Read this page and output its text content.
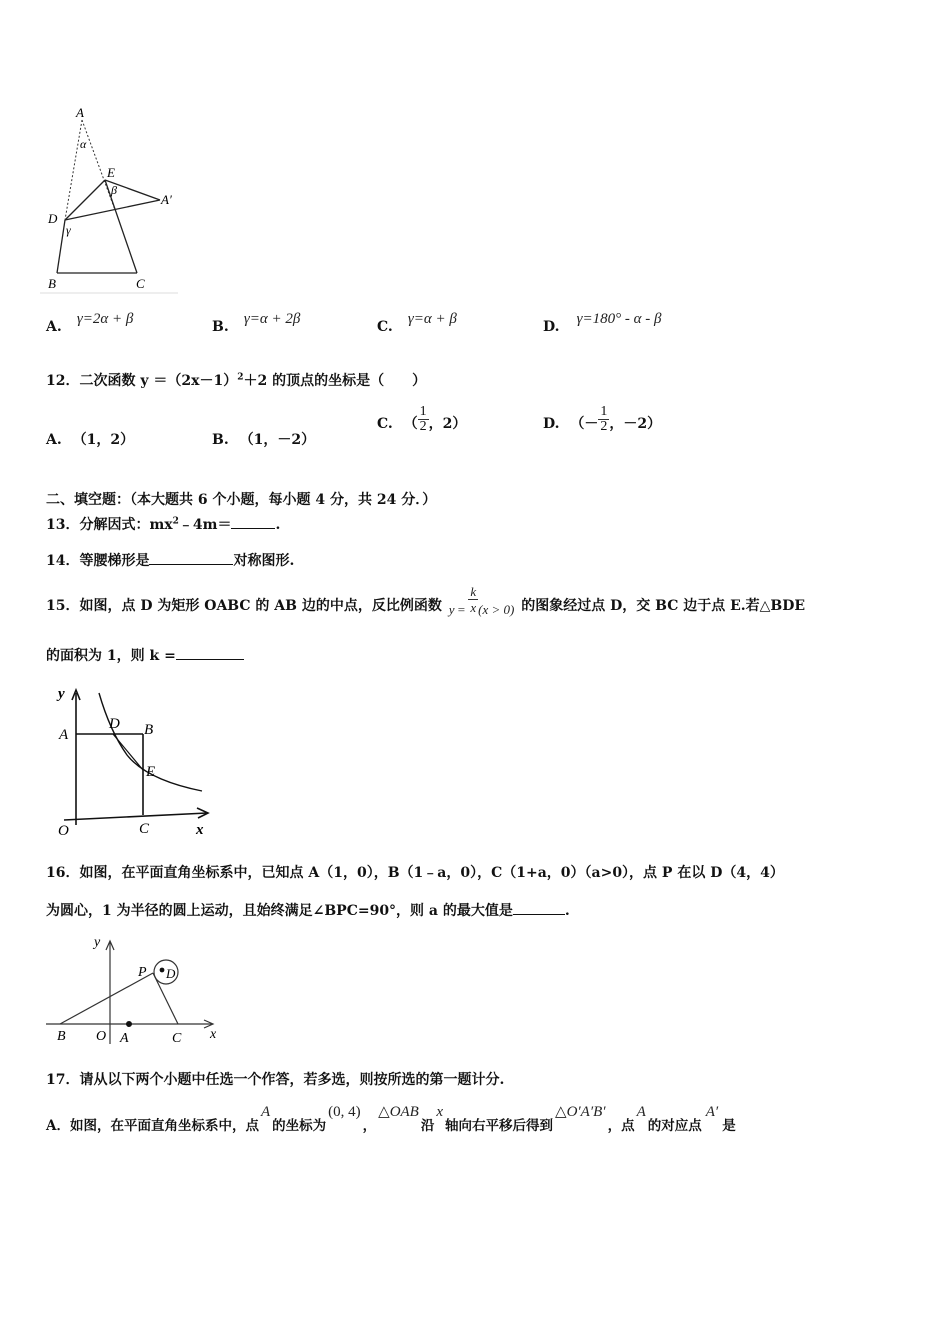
A
α
E
β
A′
D
γ
B	C
A. γ=2α + β	B. γ=α + 2β	C. γ=α + β	D. γ=180° - α - β
12．二次函数 $y =(2x-1)^2+2$ 的顶点的坐标是（　　）
A. （1，2）	B. （1，－2）
C. （ $\frac{1}{2}$ ，2）	D. （－ $\frac{1}{2}$ ，－2）
二、填空题：（本大题共 6 个小题，每小题 4 分，共 24 分．）
13．分解因式：$mx^2﹣4m=$	.
14．等腰梯形是	对称图形.
15．如图，点 D 为矩形 OABC 的 AB 边的中点，反比例函数 $y = \frac{k}{x} (x > 0)$ 的图象经过点 D，交 BC 边于点 E.若△BDE
的面积为 1，则 k =
y
A
D B
E
O	C	x
16．如图，在平面直角坐标系中，已知点 A（1，0），B（1﹣a，0），C（1+a，0）（a>0），点 P 在以 D（4，4）
为圆心，1 为半径的圆上运动，且始终满足∠BPC=90°，则 a 的最大值是	.
y
P D
B O A	C x
17．请从以下两个小题中任选一个作答，若多选，则按所选的第一题计分.
A．如图，在平面直角坐标系中，点A的坐标为(0, 4)，△OAB沿x轴向右平移后得到△O′A′B′，点A的对应点A′是
